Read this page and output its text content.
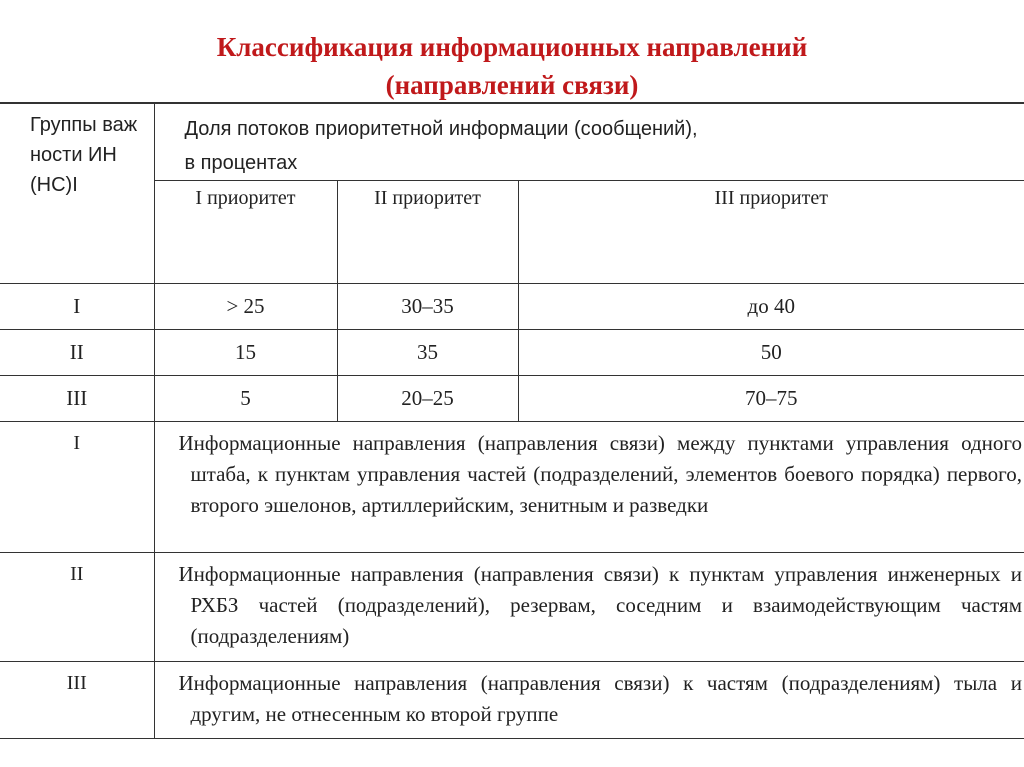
Классификация информационных направлений
(направлений связи)
Группы важности ИН (НС)I	Доля потоков приоритетной информации (сообщений),
в процентах		

	I приоритет	II приоритет	III приоритет
I	> 25	30–35	до 40
II	15	35	50
III	5	20–25	70–75
I	Информационные направления (направления связи) между пунктами управления одного штаба, к пунктам управления частей (подразделений, элементов боевого порядка) первого, второго эшелонов, артиллерийским, зенитным и разведки		
II	Информационные направления (направления связи) к пунктам управления инженерных и РХБЗ частей (подразделений), резервам, соседним и взаимодействующим частям (подразделениям)		
III	Информационные направления (направления связи) к частям (подразделениям) тыла и другим, не отнесенным ко второй группе		
